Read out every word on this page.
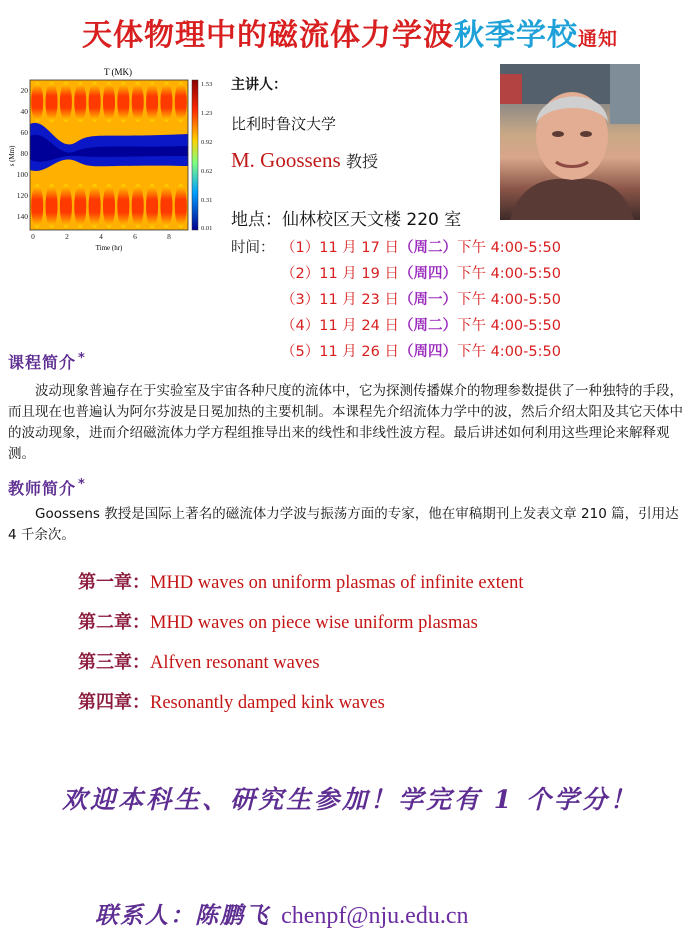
天体物理中的磁流体力学波秋季学校通知
T (MK)
20
40
60
80
100
120
140
s (Mm)
0	2	4	6	8
Time (hr)
1.53
1.23
0.92
0.62
0.31
0.01
主讲人：
比利时鲁汶大学
M. Goossens 教授
地点：仙林校区天文楼 220 室
时间： （1）11 月 17 日（周二）下午 4:00-5:50
（2）11 月 19 日（周四）下午 4:00-5:50
（3）11 月 23 日（周一）下午 4:00-5:50
（4）11 月 24 日（周二）下午 4:00-5:50
（5）11 月 26 日（周四）下午 4:00-5:50
课程简介 *
波动现象普遍存在于实验室及宇宙各种尺度的流体中，它为探测传播媒介的物理参数提供了一种独特的手段，而且现在也普遍认为阿尔芬波是日冕加热的主要机制。本课程先介绍流体力学中的波，然后介绍太阳及其它天体中的波动现象，进而介绍磁流体力学方程组推导出来的线性和非线性波方程。最后讲述如何利用这些理论来解释观测。
教师简介 *
Goossens 教授是国际上著名的磁流体力学波与振荡方面的专家，他在审稿期刊上发表文章 210 篇，引用达 4 千余次。
第一章：MHD waves on uniform plasmas of infinite extent
第二章：MHD waves on piece wise uniform plasmas
第三章：Alfven resonant waves
第四章：Resonantly damped kink waves
欢迎本科生、研究生参加！学完有 1 个学分！
联系人：陈鹏飞 chenpf@nju.edu.cn
